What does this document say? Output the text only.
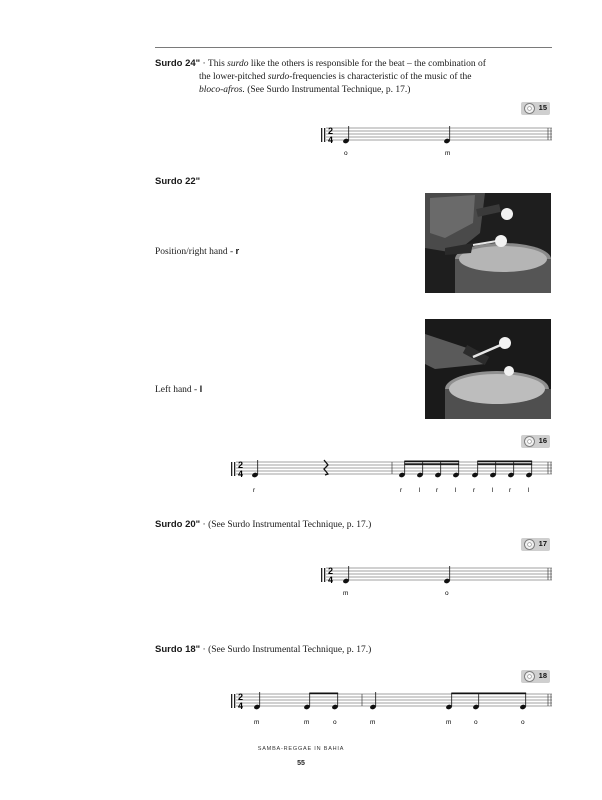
Surdo 24" · This surdo like the others is responsible for the beat – the combination of
the lower-pitched surdo-frequencies is characteristic of the music of the
bloco-afros. (See Surdo Instrumental Technique, p. 17.)
15
2
4
o	m
Surdo 22"
Position/right hand - r
Left hand - l
16
2
4
r	r	l r	l	r	l r	l
Surdo 20" · (See Surdo Instrumental Technique, p. 17.)
17
2
4
m	o
Surdo 18" · (See Surdo Instrumental Technique, p. 17.)
18
2
4
m	m	o	m	m	o	o
SAMBA-REGGAE IN BAHIA
55
